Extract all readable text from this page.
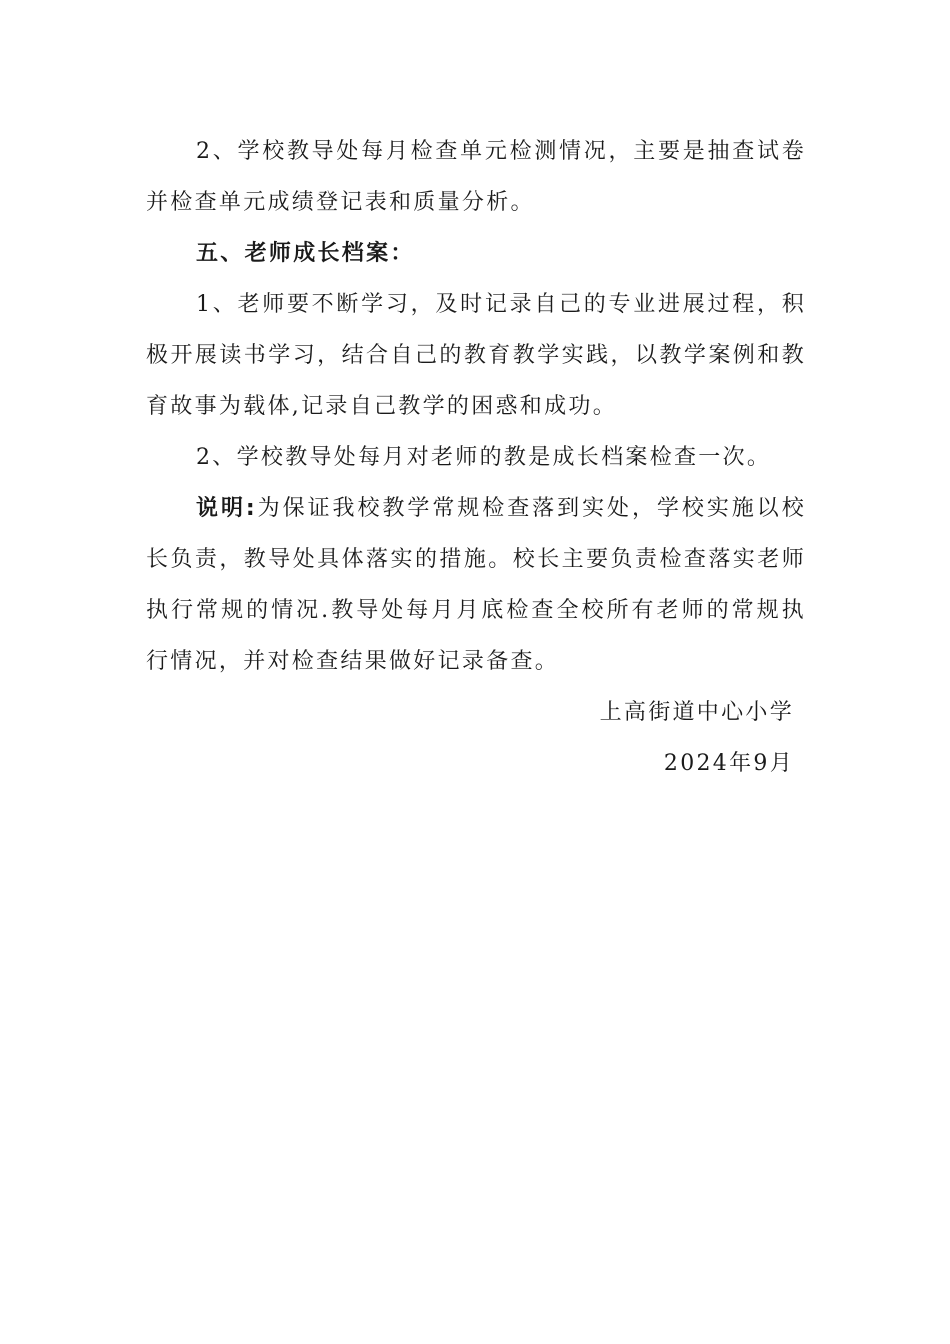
2、学校教导处每月检查单元检测情况，主要是抽查试卷并检查单元成绩登记表和质量分析。

五、老师成长档案：

1、老师要不断学习，及时记录自己的专业进展过程，积极开展读书学习，结合自己的教育教学实践，以教学案例和教育故事为载体,记录自己教学的困惑和成功。

2、学校教导处每月对老师的教是成长档案检查一次。

说明:为保证我校教学常规检查落到实处，学校实施以校长负责，教导处具体落实的措施。校长主要负责检查落实老师执行常规的情况.教导处每月月底检查全校所有老师的常规执行情况，并对检查结果做好记录备查。

上高街道中心小学

2024年9月
